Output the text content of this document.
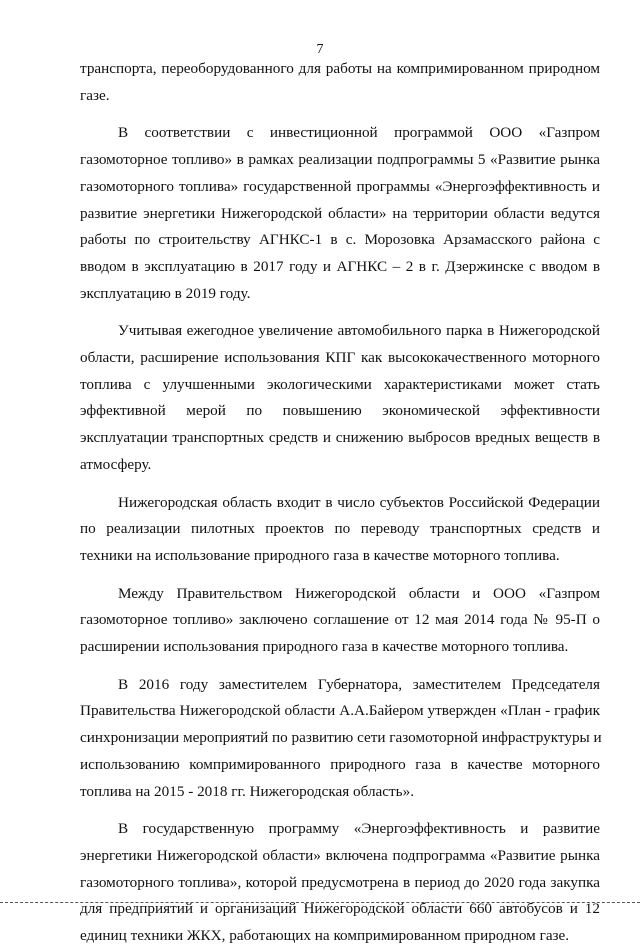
7
транспорта, переоборудованного для работы на компримированном природном
газе.
В соответствии с инвестиционной программой ООО «Газпром
газомоторное топливо» в рамках реализации подпрограммы 5 «Развитие рынка
газомоторного топлива» государственной программы «Энергоэффективность и
развитие энергетики Нижегородской области» на территории области ведутся
работы по строительству АГНКС-1 в с. Морозовка Арзамасского района с
вводом в эксплуатацию в 2017 году и АГНКС – 2 в г. Дзержинске с вводом в
эксплуатацию в 2019 году.
Учитывая ежегодное увеличение автомобильного парка в Нижегородской
области, расширение использования КПГ как высококачественного моторного
топлива с улучшенными экологическими характеристиками может стать
эффективной мерой по повышению экономической эффективности
эксплуатации транспортных средств и снижению выбросов вредных веществ в
атмосферу.
Нижегородская область входит в число субъектов Российской Федерации
по реализации пилотных проектов по переводу транспортных средств и
техники на использование природного газа в качестве моторного топлива.
Между Правительством Нижегородской области и ООО «Газпром
газомоторное топливо» заключено соглашение от 12 мая 2014 года № 95-П о
расширении использования природного газа в качестве моторного топлива.
В 2016 году заместителем Губернатора, заместителем Председателя
Правительства Нижегородской области А.А.Байером утвержден «План - график
синхронизации мероприятий по развитию сети газомоторной инфраструктуры и
использованию компримированного природного газа в качестве моторного
топлива на 2015 - 2018 гг. Нижегородская область».
В государственную программу «Энергоэффективность и развитие
энергетики Нижегородской области» включена подпрограмма «Развитие рынка
газомоторного топлива», которой предусмотрена в период до 2020 года закупка
для предприятий и организаций Нижегородской области 660 автобусов и 12
единиц техники ЖКХ, работающих на компримированном природном газе.
